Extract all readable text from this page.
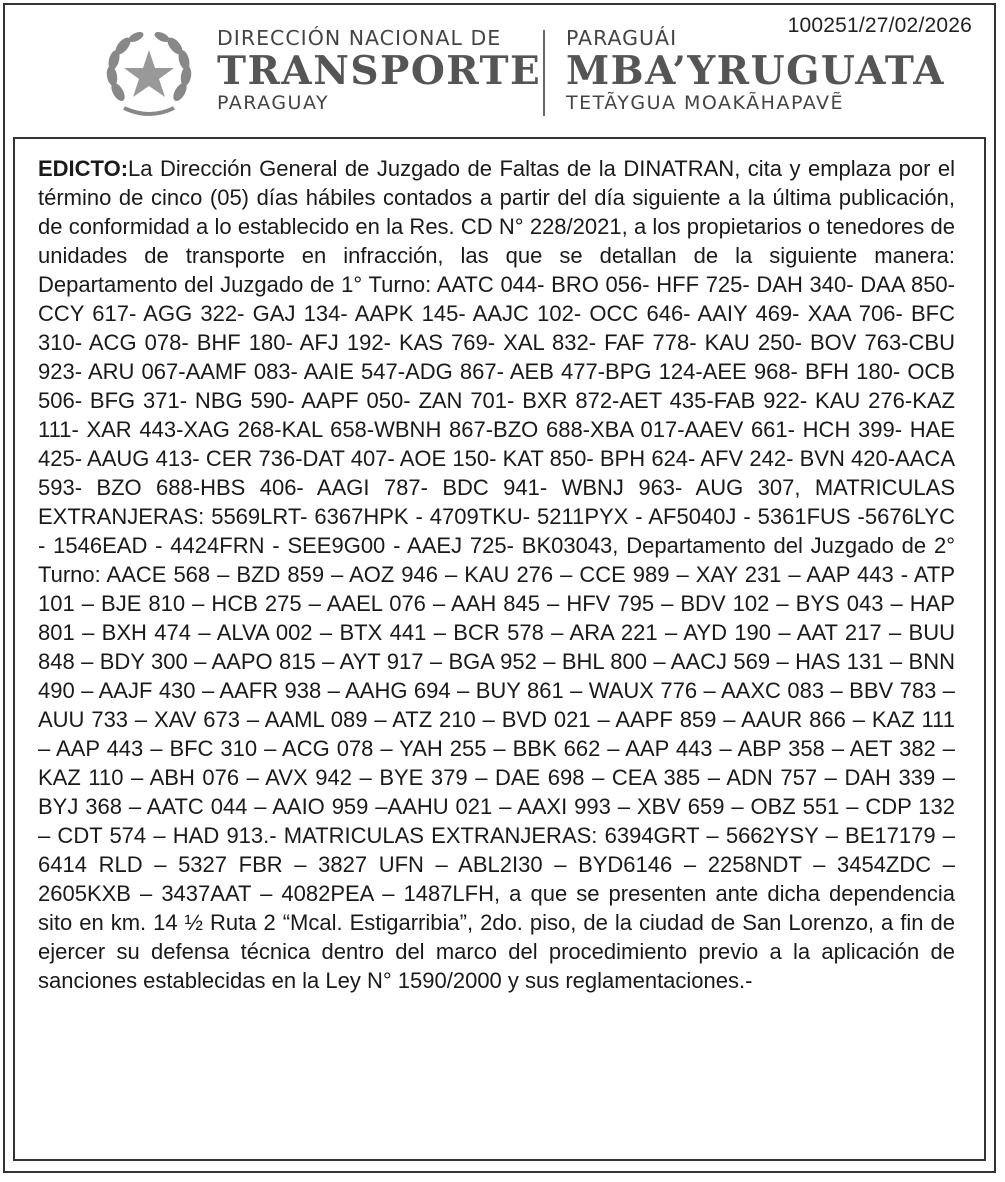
100251/27/02/2026
DIRECCIÓN NACIONAL DE
TRANSPORTE
PARAGUAY
PARAGUÁI
MBA’YRUGUATA
TETÃYGUA MOAKÃHAPAVẼ
EDICTO:La Dirección General de Juzgado de Faltas de la DINATRAN, cita y emplaza por el término de cinco (05) días hábiles contados a partir del día siguiente a la última publicación, de conformidad a lo establecido en la Res. CD N° 228/2021, a los propietarios o tenedores de unidades de transporte en infracción, las que se detallan de la siguiente manera: Departamento del Juzgado de 1° Turno: AATC 044- BRO 056- HFF 725- DAH 340- DAA 850- CCY 617- AGG 322- GAJ 134- AAPK 145- AAJC 102- OCC 646- AAIY 469- XAA 706- BFC 310- ACG 078- BHF 180- AFJ 192- KAS 769- XAL 832- FAF 778- KAU 250- BOV 763-CBU 923- ARU 067-AAMF 083- AAIE 547-ADG 867- AEB 477-BPG 124-AEE 968- BFH 180- OCB 506- BFG 371- NBG 590- AAPF 050- ZAN 701- BXR 872-AET 435-FAB 922- KAU 276-KAZ 111- XAR 443-XAG 268-KAL 658-WBNH 867-BZO 688-XBA 017-AAEV 661- HCH 399- HAE 425- AAUG 413- CER 736-DAT 407- AOE 150- KAT 850- BPH 624- AFV 242- BVN 420-AACA 593- BZO 688-HBS 406- AAGI 787- BDC 941- WBNJ 963- AUG 307, MATRICULAS EXTRANJERAS: 5569LRT- 6367HPK - 4709TKU- 5211PYX - AF5040J - 5361FUS -5676LYC - 1546EAD - 4424FRN - SEE9G00 - AAEJ 725- BK03043, Departamento del Juzgado de 2° Turno: AACE 568 – BZD 859 – AOZ 946 – KAU 276 – CCE 989 – XAY 231 – AAP 443 - ATP 101 – BJE 810 – HCB 275 – AAEL 076 – AAH 845 – HFV 795 – BDV 102 – BYS 043 – HAP 801 – BXH 474 – ALVA 002 – BTX 441 – BCR 578 – ARA 221 – AYD 190 – AAT 217 – BUU 848 – BDY 300 – AAPO 815 – AYT 917 – BGA 952 – BHL 800 – AACJ 569 – HAS 131 – BNN 490 – AAJF 430 – AAFR 938 – AAHG 694 – BUY 861 – WAUX 776 – AAXC 083 – BBV 783 – AUU 733 – XAV 673 – AAML 089 – ATZ 210 – BVD 021 – AAPF 859 – AAUR 866 – KAZ 111 – AAP 443 – BFC 310 – ACG 078 – YAH 255 – BBK 662 – AAP 443 – ABP 358 – AET 382 – KAZ 110 – ABH 076 – AVX 942 – BYE 379 – DAE 698 – CEA 385 – ADN 757 – DAH 339 – BYJ 368 – AATC 044 – AAIO 959 –AAHU 021 – AAXI 993 – XBV 659 – OBZ 551 – CDP 132 – CDT 574 – HAD 913.- MATRICULAS EXTRANJERAS: 6394GRT – 5662YSY – BE17179 – 6414 RLD – 5327 FBR – 3827 UFN – ABL2I30 – BYD6146 – 2258NDT – 3454ZDC – 2605KXB – 3437AAT – 4082PEA – 1487LFH, a que se presenten ante dicha dependencia sito en km. 14 ½ Ruta 2 “Mcal. Estigarribia”, 2do. piso, de la ciudad de San Lorenzo, a fin de ejercer su defensa técnica dentro del marco del procedimiento previo a la aplicación de sanciones establecidas en la Ley N° 1590/2000 y sus reglamentaciones.-
